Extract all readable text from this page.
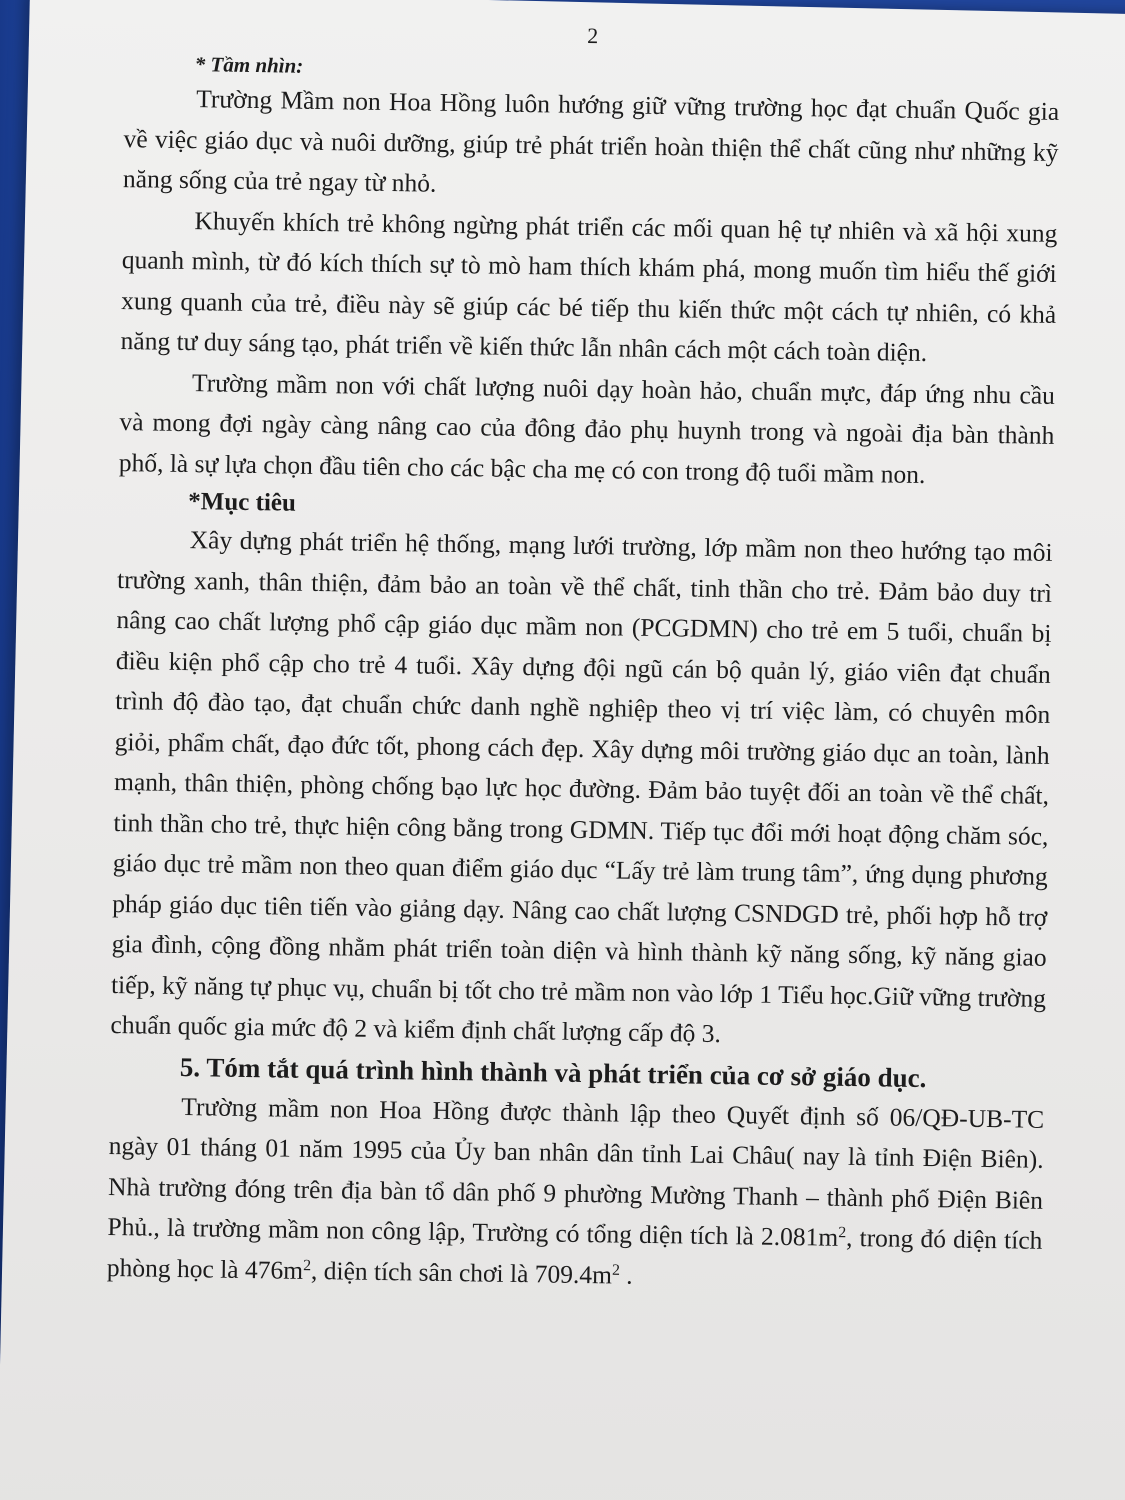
2
* Tầm nhìn:

Trường Mầm non Hoa Hồng luôn hướng giữ vững trường học đạt chuẩn Quốc gia về việc giáo dục và nuôi dưỡng, giúp trẻ phát triển hoàn thiện thể chất cũng như những kỹ năng sống của trẻ ngay từ nhỏ.

Khuyến khích trẻ không ngừng phát triển các mối quan hệ tự nhiên và xã hội xung quanh mình, từ đó kích thích sự tò mò ham thích khám phá, mong muốn tìm hiểu thế giới xung quanh của trẻ, điều này sẽ giúp các bé tiếp thu kiến thức một cách tự nhiên, có khả năng tư duy sáng tạo, phát triển về kiến thức lẫn nhân cách một cách toàn diện.

Trường mầm non với chất lượng nuôi dạy hoàn hảo, chuẩn mực, đáp ứng nhu cầu và mong đợi ngày càng nâng cao của đông đảo phụ huynh trong và ngoài địa bàn thành phố, là sự lựa chọn đầu tiên cho các bậc cha mẹ có con trong độ tuổi mầm non.

*Mục tiêu

Xây dựng phát triển hệ thống, mạng lưới trường, lớp mầm non theo hướng tạo môi trường xanh, thân thiện, đảm bảo an toàn về thể chất, tinh thần cho trẻ. Đảm bảo duy trì nâng cao chất lượng phổ cập giáo dục mầm non (PCGDMN) cho trẻ em 5 tuổi, chuẩn bị điều kiện phổ cập cho trẻ 4 tuổi. Xây dựng đội ngũ cán bộ quản lý, giáo viên đạt chuẩn trình độ đào tạo, đạt chuẩn chức danh nghề nghiệp theo vị trí việc làm, có chuyên môn giỏi, phẩm chất, đạo đức tốt, phong cách đẹp. Xây dựng môi trường giáo dục an toàn, lành mạnh, thân thiện, phòng chống bạo lực học đường. Đảm bảo tuyệt đối an toàn về thể chất, tinh thần cho trẻ, thực hiện công bằng trong GDMN. Tiếp tục đổi mới hoạt động chăm sóc, giáo dục trẻ mầm non theo quan điểm giáo dục “Lấy trẻ làm trung tâm”, ứng dụng phương pháp giáo dục tiên tiến vào giảng dạy. Nâng cao chất lượng CSNDGD trẻ, phối hợp hỗ trợ gia đình, cộng đồng nhằm phát triển toàn diện và hình thành kỹ năng sống, kỹ năng giao tiếp, kỹ năng tự phục vụ, chuẩn bị tốt cho trẻ mầm non vào lớp 1 Tiểu học.Giữ vững trường chuẩn quốc gia mức độ 2 và kiểm định chất lượng cấp độ 3.

5. Tóm tắt quá trình hình thành và phát triển của cơ sở giáo dục.

Trường mầm non Hoa Hồng được thành lập theo Quyết định số 06/QĐ-UB-TC ngày 01 tháng 01 năm 1995 của Ủy ban nhân dân tỉnh Lai Châu( nay là tỉnh Điện Biên). Nhà trường đóng trên địa bàn tổ dân phố 9 phường Mường Thanh – thành phố Điện Biên Phủ., là trường mầm non công lập, Trường có tổng diện tích là $2.081m^2$, trong đó diện tích phòng học là $476m^2$, diện tích sân chơi là $709.4m^2$ .
